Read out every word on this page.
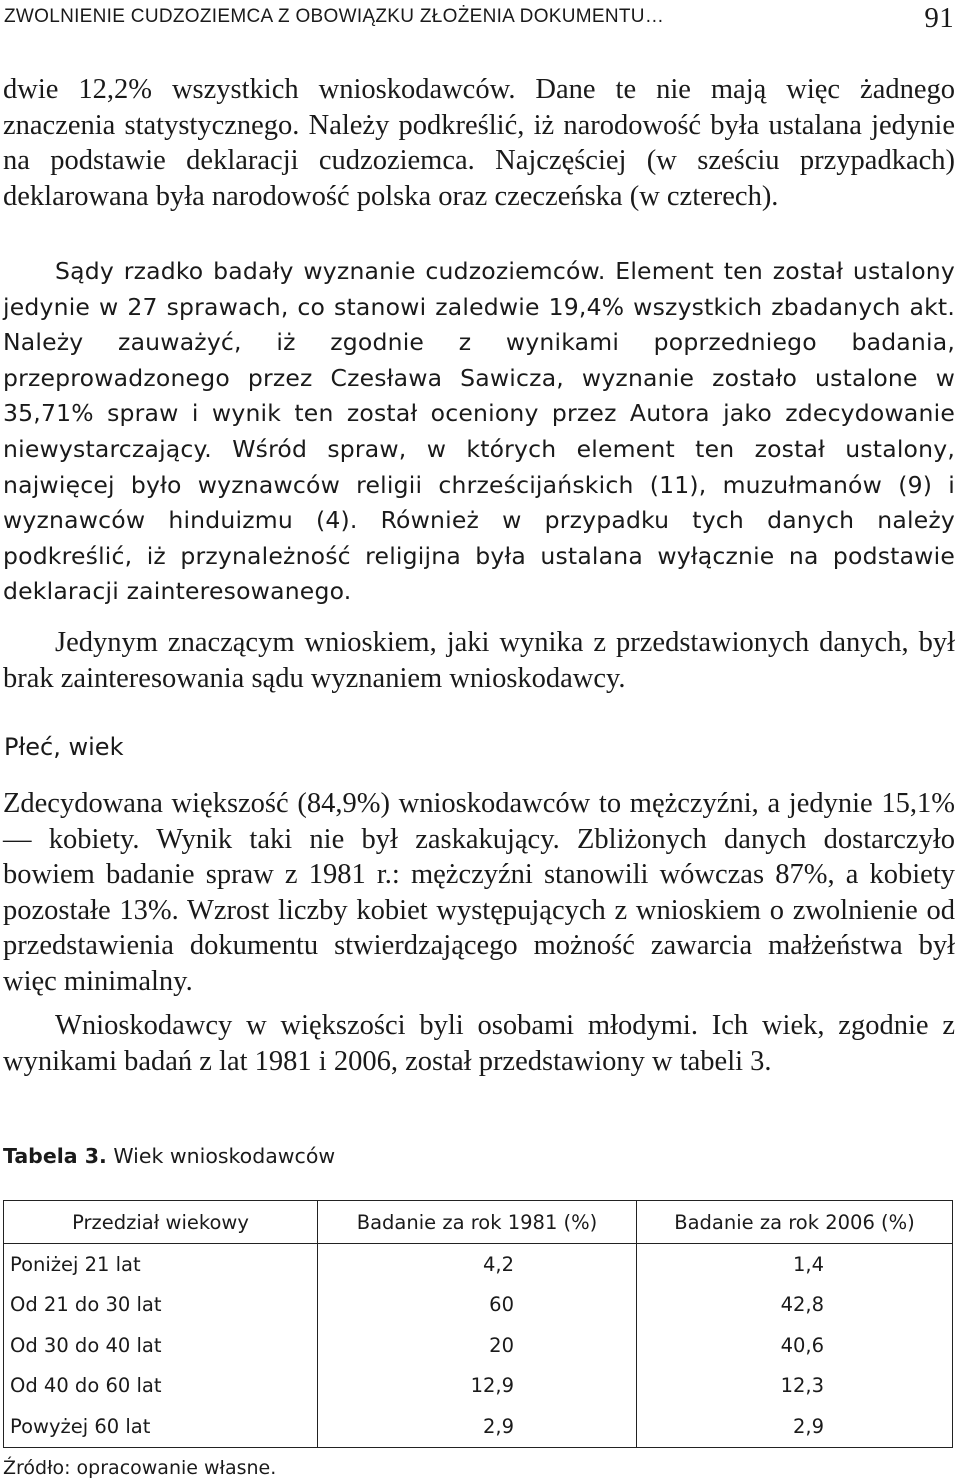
ZWOLNIENIE CUDZOZIEMCA Z OBOWIĄZKU ZŁOŻENIA DOKUMENTU…	91

dwie 12,2% wszystkich wnioskodawców. Dane te nie mają więc żadnego znaczenia statystycznego. Należy podkreślić, iż narodowość była ustalana jedynie na podstawie deklaracji cudzoziemca. Najczęściej (w sześciu przypadkach) deklarowana była narodowość polska oraz czeczeńska (w czterech).

Sądy rzadko badały wyznanie cudzoziemców. Element ten został ustalony jedynie w 27 sprawach, co stanowi zaledwie 19,4% wszystkich zbadanych akt. Należy zauważyć, iż zgodnie z wynikami poprzedniego badania, przeprowadzonego przez Czesława Sawicza, wyznanie zostało ustalone w 35,71% spraw i wynik ten został oceniony przez Autora jako zdecydowanie niewystarczający. Wśród spraw, w których element ten został ustalony, najwięcej było wyznawców religii chrześcijańskich (11), muzułmanów (9) i wyznawców hinduizmu (4). Również w przypadku tych danych należy podkreślić, iż przynależność religijna była ustalana wyłącznie na podstawie deklaracji zainteresowanego.

Jedynym znaczącym wnioskiem, jaki wynika z przedstawionych danych, był brak zainteresowania sądu wyznaniem wnioskodawcy.

Płeć, wiek

Zdecydowana większość (84,9%) wnioskodawców to mężczyźni, a jedynie 15,1% — kobiety. Wynik taki nie był zaskakujący. Zbliżonych danych dostarczyło bowiem badanie spraw z 1981 r.: mężczyźni stanowili wówczas 87%, a kobiety pozostałe 13%. Wzrost liczby kobiet występujących z wnioskiem o zwolnienie od przedstawienia dokumentu stwierdzającego możność zawarcia małżeństwa był więc minimalny.

Wnioskodawcy w większości byli osobami młodymi. Ich wiek, zgodnie z wynikami badań z lat 1981 i 2006, został przedstawiony w tabeli 3.

Tabela 3. Wiek wnioskodawców
Przedział wiekowy	Badanie za rok 1981 (%)	Badanie za rok 2006 (%)
Poniżej 21 lat	4,2	1,4
Od 21 do 30 lat	60	42,8
Od 30 do 40 lat	20	40,6
Od 40 do 60 lat	12,9	12,3
Powyżej 60 lat	2,9	2,9
Źródło: opracowanie własne.
